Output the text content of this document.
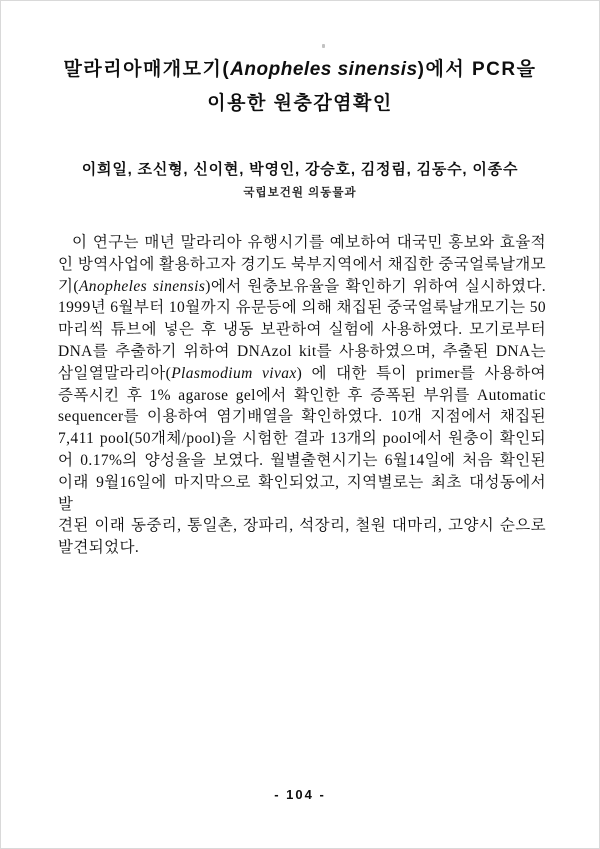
말라리아매개모기(Anopheles sinensis)에서 PCR을
이용한 원충감염확인
이희일, 조신형, 신이현, 박영인, 강승호, 김정림, 김동수, 이종수
국립보건원 의동물과
이 연구는 매년 말라리아 유행시기를 예보하여 대국민 홍보와 효율적
인 방역사업에 활용하고자 경기도 북부지역에서 채집한 중국얼룩날개모
기(Anopheles sinensis)에서 원충보유율을 확인하기 위하여 실시하였다.
1999년 6월부터 10월까지 유문등에 의해 채집된 중국얼룩날개모기는 50
마리씩 튜브에 넣은 후 냉동 보관하여 실험에 사용하였다. 모기로부터
DNA를 추출하기 위하여 DNAzol kit를 사용하였으며, 추출된 DNA는
삼일열말라리아(Plasmodium vivax) 에 대한 특이 primer를 사용하여
증폭시킨 후 1% agarose gel에서 확인한 후 증폭된 부위를 Automatic
sequencer를 이용하여 염기배열을 확인하였다. 10개 지점에서 채집된
7,411 pool(50개체/pool)을 시험한 결과 13개의 pool에서 원충이 확인되
어 0.17%의 양성율을 보였다. 월별출현시기는 6월14일에 처음 확인된
이래 9월16일에 마지막으로 확인되었고, 지역별로는 최초 대성동에서 발
견된 이래 동중리, 통일촌, 장파리, 석장리, 철원 대마리, 고양시 순으로
발견되었다.
- 104 -
